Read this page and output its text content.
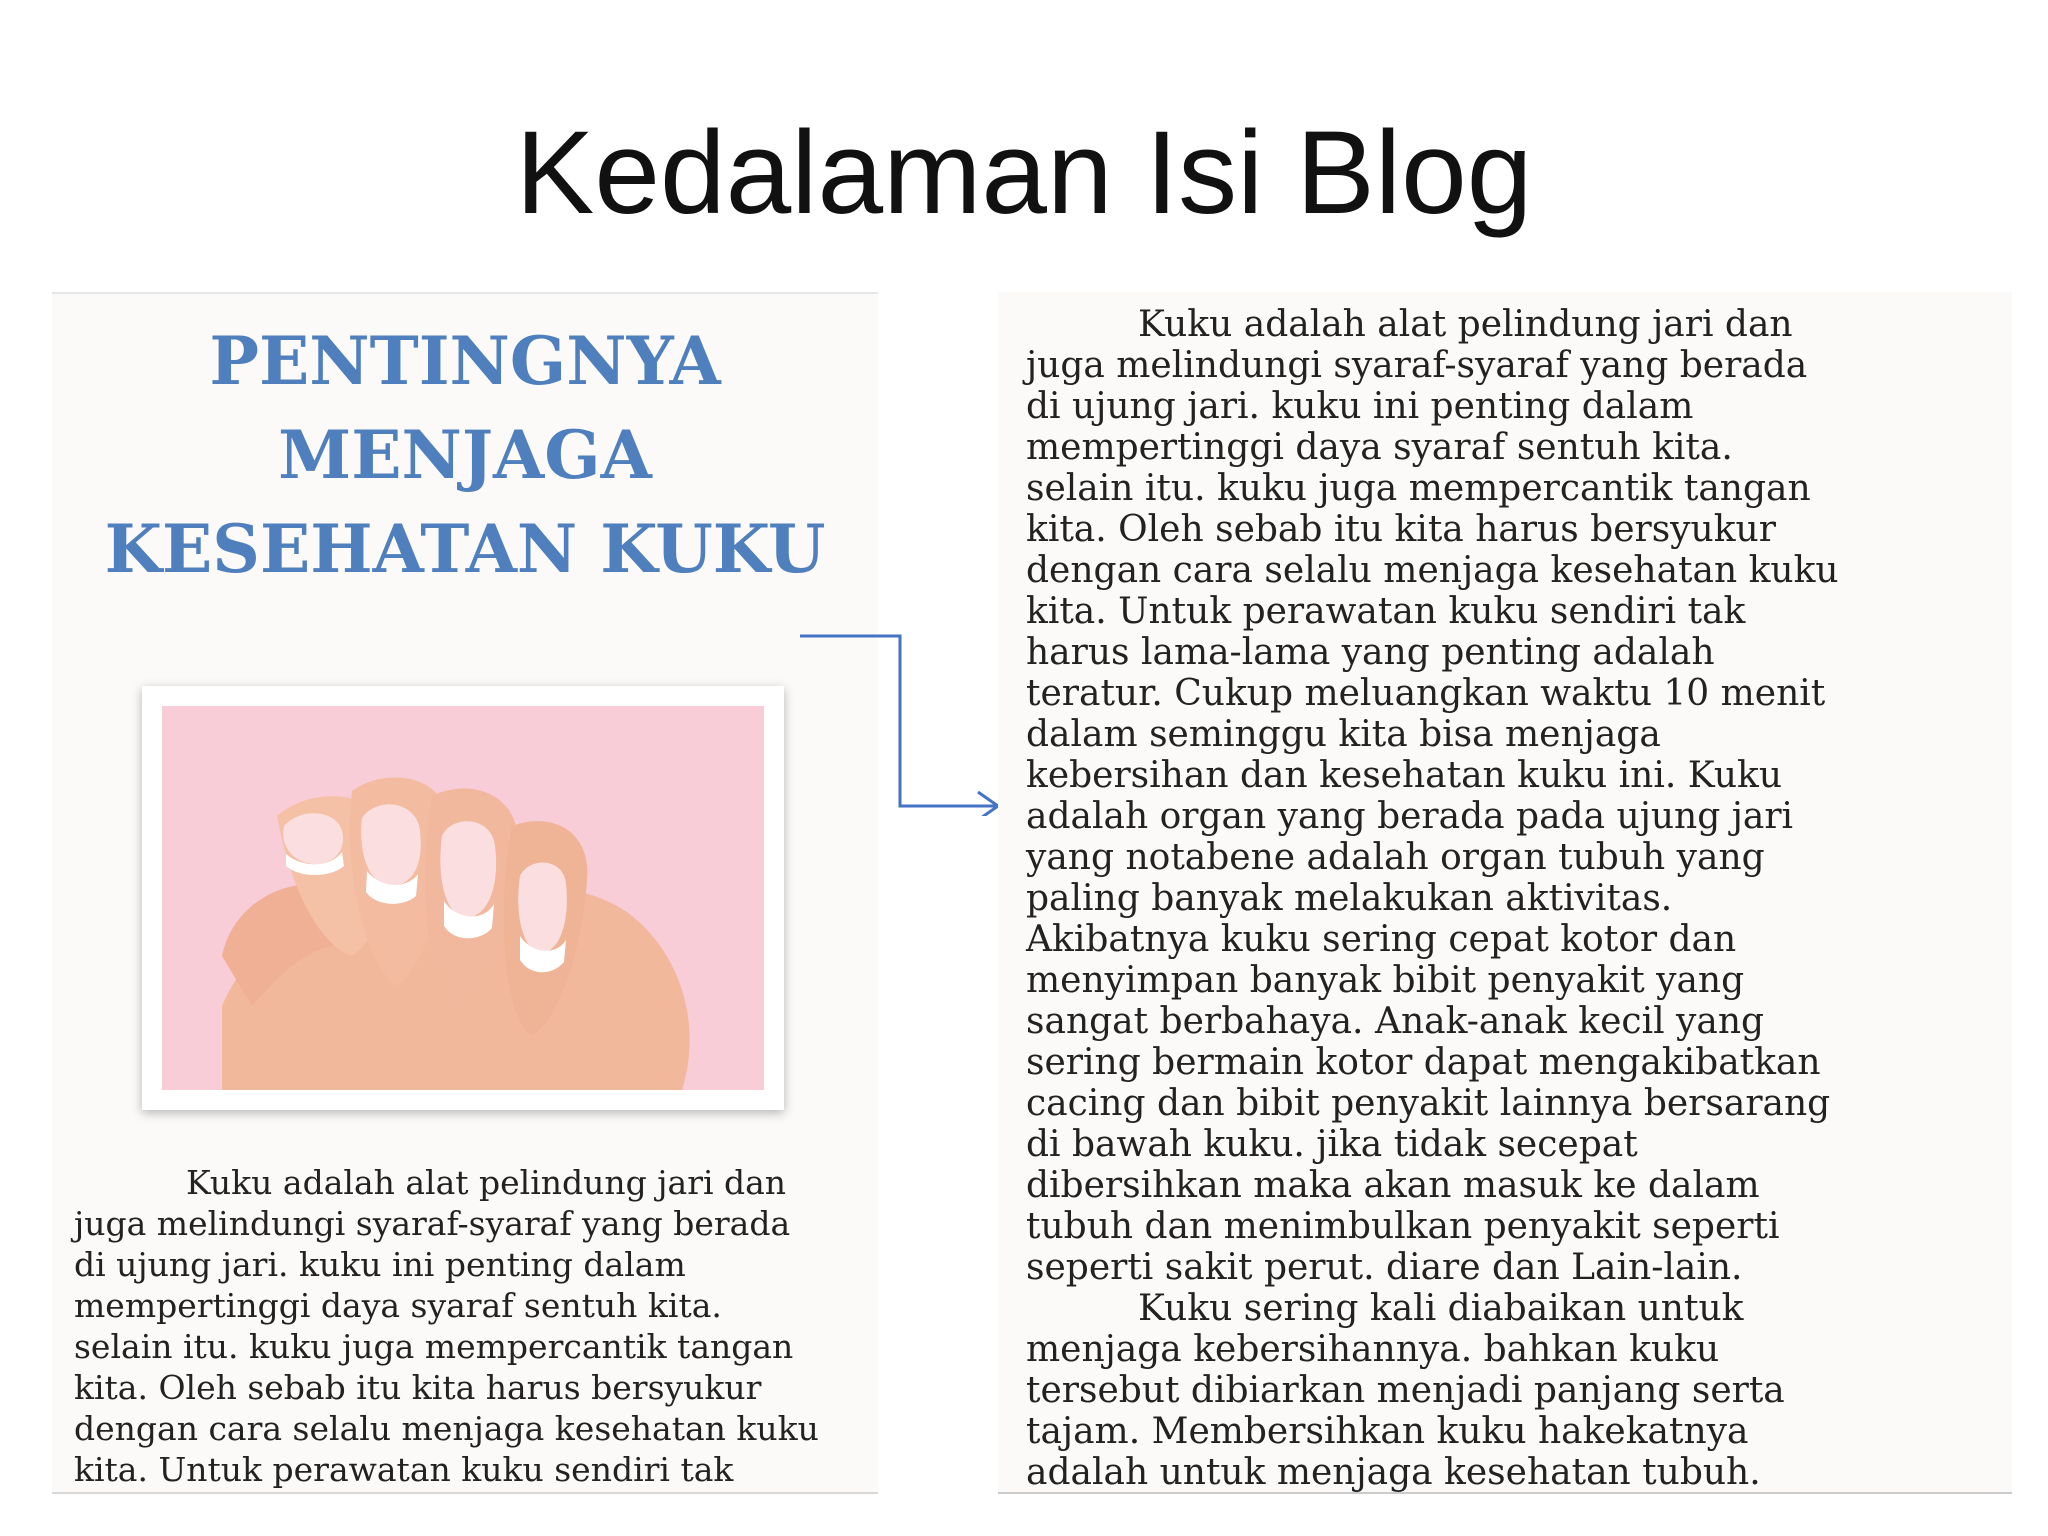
Kedalaman Isi Blog
PENTINGNYA
MENJAGA
KESEHATAN KUKU
Kuku adalah alat pelindung jari dan
juga melindungi syaraf-syaraf yang berada
di ujung jari. kuku ini penting dalam
mempertinggi daya syaraf sentuh kita.
selain itu. kuku juga mempercantik tangan
kita. Oleh sebab itu kita harus bersyukur
dengan cara selalu menjaga kesehatan kuku
kita. Untuk perawatan kuku sendiri tak
Kuku adalah alat pelindung jari dan
juga melindungi syaraf-syaraf yang berada
di ujung jari. kuku ini penting dalam
mempertinggi daya syaraf sentuh kita.
selain itu. kuku juga mempercantik tangan
kita. Oleh sebab itu kita harus bersyukur
dengan cara selalu menjaga kesehatan kuku
kita. Untuk perawatan kuku sendiri tak
harus lama-lama yang penting adalah
teratur. Cukup meluangkan waktu 10 menit
dalam seminggu kita bisa menjaga
kebersihan dan kesehatan kuku ini. Kuku
adalah organ yang berada pada ujung jari
yang notabene adalah organ tubuh yang
paling banyak melakukan aktivitas.
Akibatnya kuku sering cepat kotor dan
menyimpan banyak bibit penyakit yang
sangat berbahaya. Anak-anak kecil yang
sering bermain kotor dapat mengakibatkan
cacing dan bibit penyakit lainnya bersarang
di bawah kuku. jika tidak secepat
dibersihkan maka akan masuk ke dalam
tubuh dan menimbulkan penyakit seperti
seperti sakit perut. diare dan Lain-lain.
Kuku sering kali diabaikan untuk
menjaga kebersihannya. bahkan kuku
tersebut dibiarkan menjadi panjang serta
tajam. Membersihkan kuku hakekatnya
adalah untuk menjaga kesehatan tubuh.
